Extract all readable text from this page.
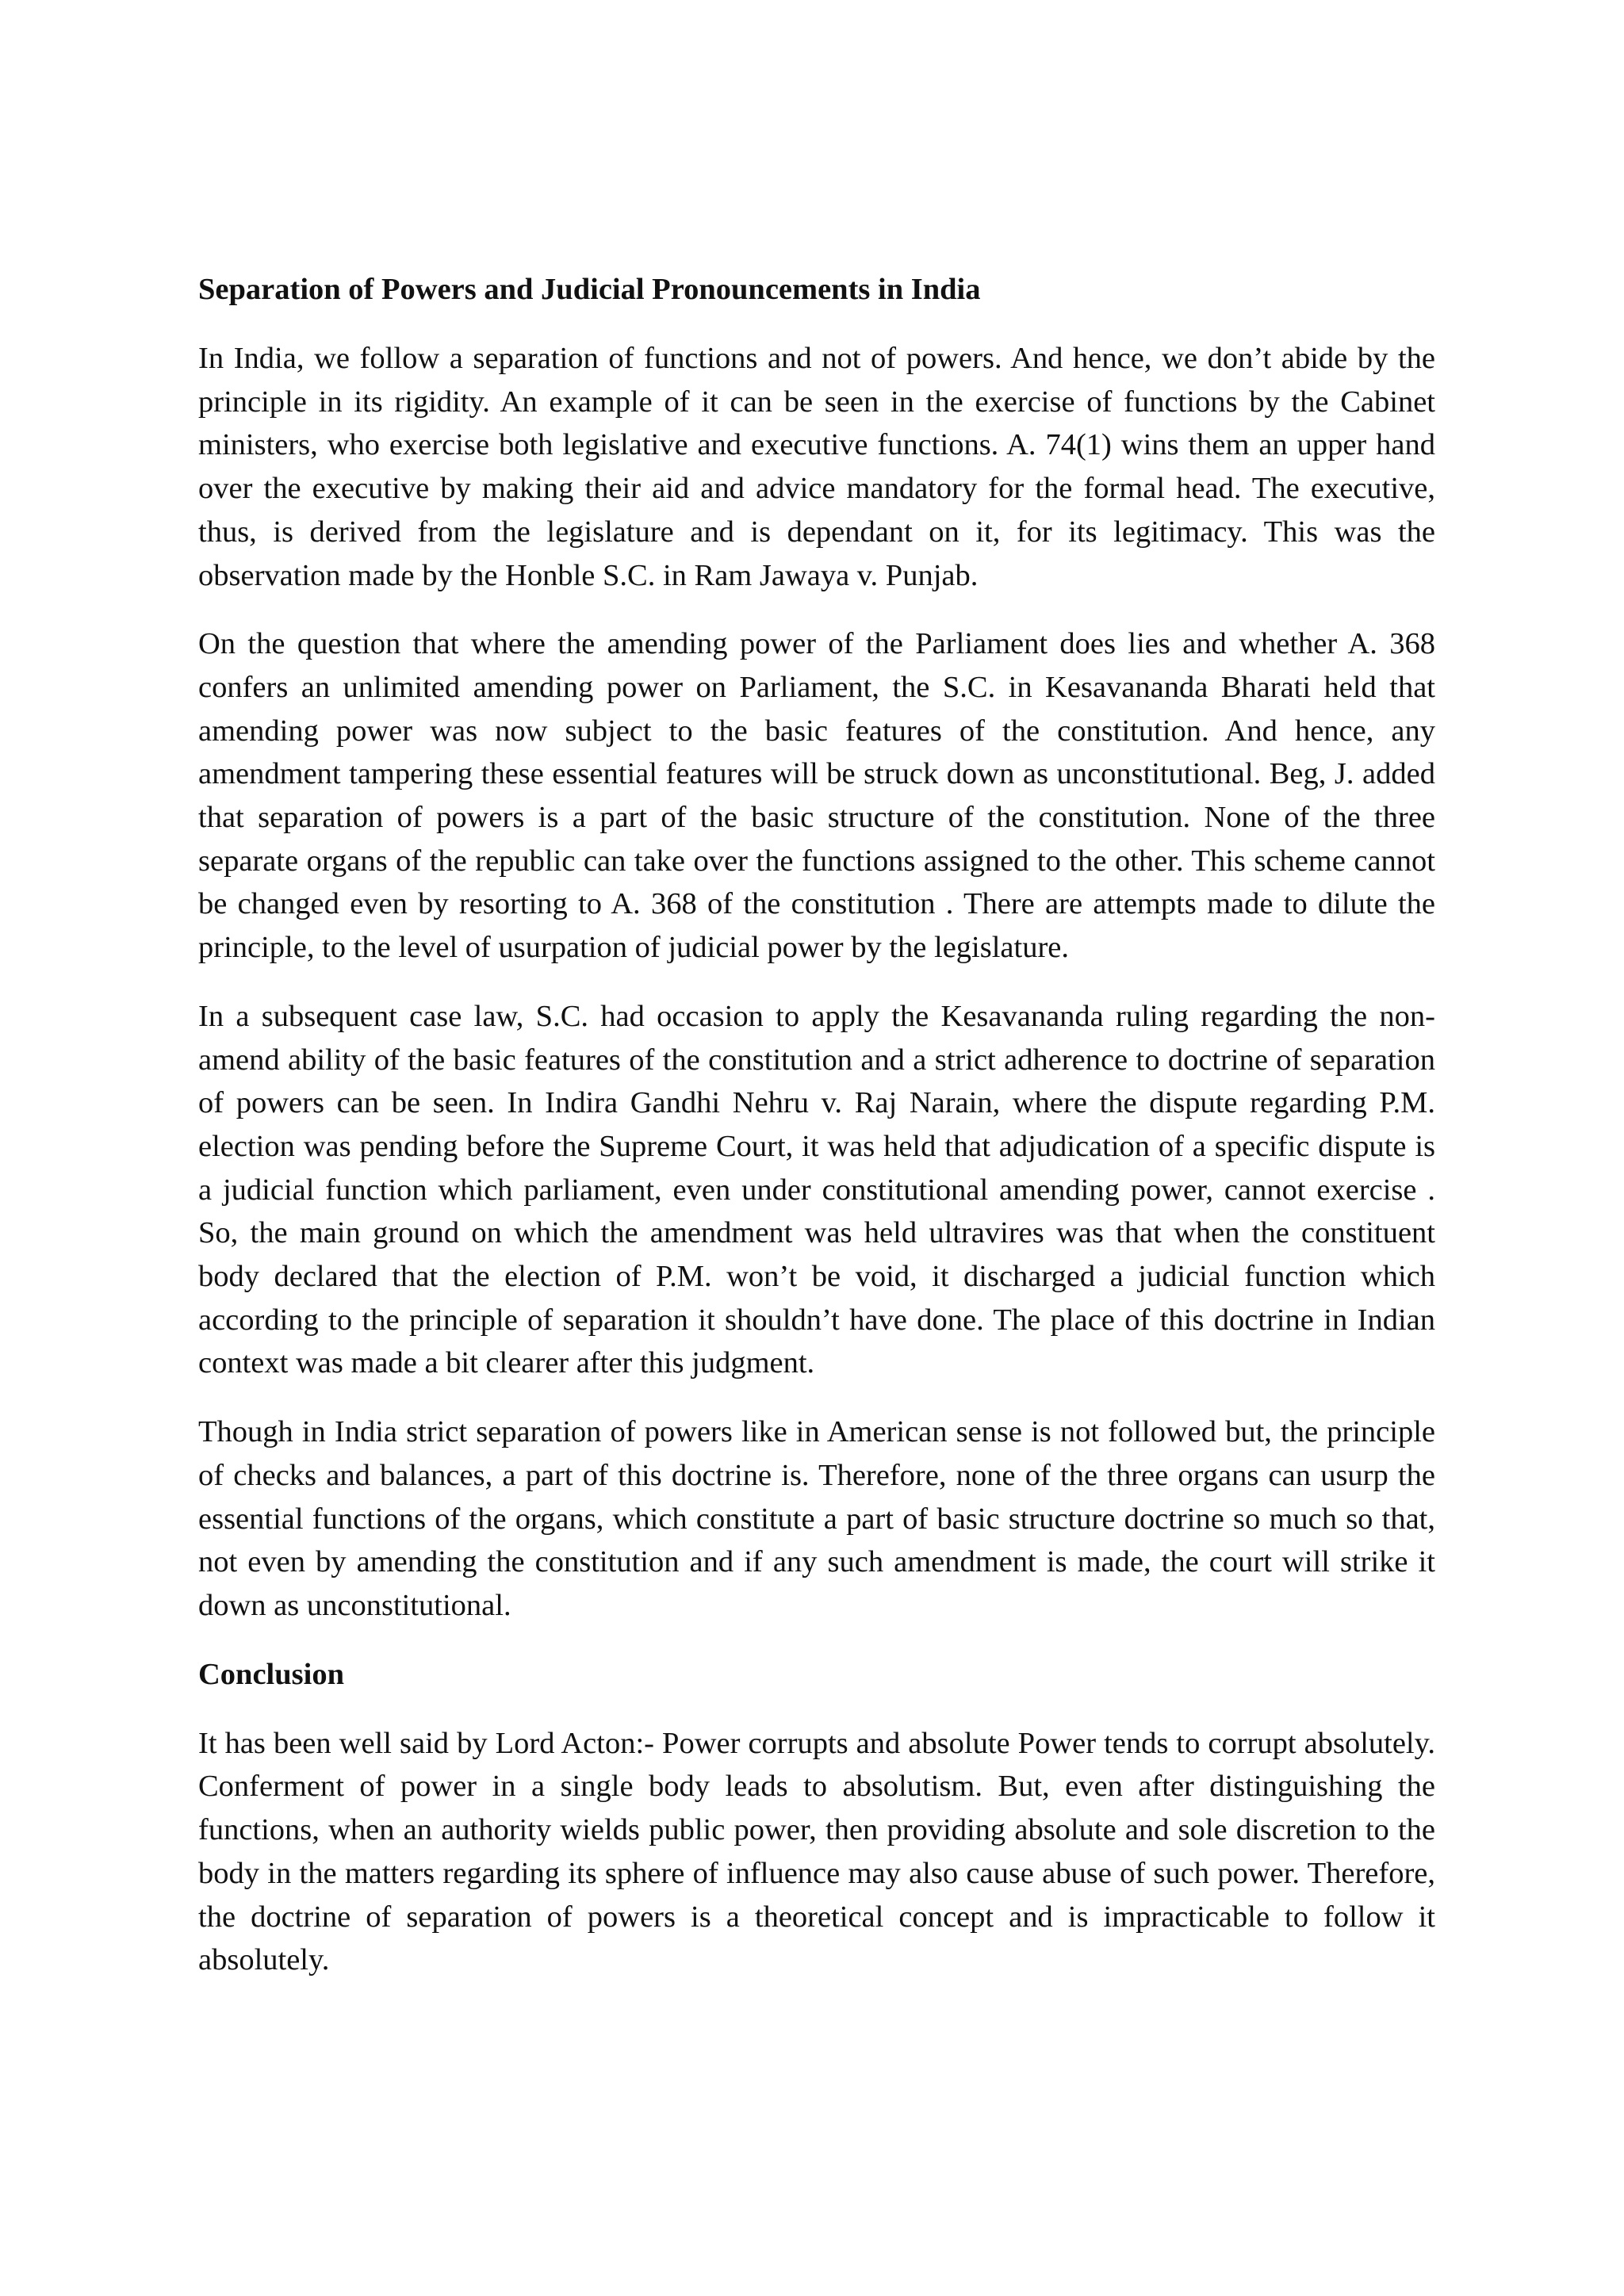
Separation of Powers and Judicial Pronouncements in India

In India, we follow a separation of functions and not of powers. And hence, we don’t abide by the principle in its rigidity. An example of it can be seen in the exercise of functions by the Cabinet ministers, who exercise both legislative and executive functions. A. 74(1) wins them an upper hand over the executive by making their aid and advice mandatory for the formal head. The executive, thus, is derived from the legislature and is dependant on it, for its legitimacy. This was the observation made by the Honble S.C. in Ram Jawaya v. Punjab.

On the question that where the amending power of the Parliament does lies and whether A. 368 confers an unlimited amending power on Parliament, the S.C. in Kesavananda Bharati held that amending power was now subject to the basic features of the constitution. And hence, any amendment tampering these essential features will be struck down as unconstitutional. Beg, J. added that separation of powers is a part of the basic structure of the constitution. None of the three separate organs of the republic can take over the functions assigned to the other. This scheme cannot be changed even by resorting to A. 368 of the constitution . There are attempts made to dilute the principle, to the level of usurpation of judicial power by the legislature.

In a subsequent case law, S.C. had occasion to apply the Kesavananda ruling regarding the non-amend ability of the basic features of the constitution and a strict adherence to doctrine of separation of powers can be seen. In Indira Gandhi Nehru v. Raj Narain, where the dispute regarding P.M. election was pending before the Supreme Court, it was held that adjudication of a specific dispute is a judicial function which parliament, even under constitutional amending power, cannot exercise . So, the main ground on which the amendment was held ultravires was that when the constituent body declared that the election of P.M. won’t be void, it discharged a judicial function which according to the principle of separation it shouldn’t have done. The place of this doctrine in Indian context was made a bit clearer after this judgment.

Though in India strict separation of powers like in American sense is not followed but, the principle of checks and balances, a part of this doctrine is. Therefore, none of the three organs can usurp the essential functions of the organs, which constitute a part of basic structure doctrine so much so that, not even by amending the constitution and if any such amendment is made, the court will strike it down as unconstitutional.

Conclusion

It has been well said by Lord Acton:- Power corrupts and absolute Power tends to corrupt absolutely. Conferment of power in a single body leads to absolutism. But, even after distinguishing the functions, when an authority wields public power, then providing absolute and sole discretion to the body in the matters regarding its sphere of influence may also cause abuse of such power. Therefore, the doctrine of separation of powers is a theoretical concept and is impracticable to follow it absolutely.
